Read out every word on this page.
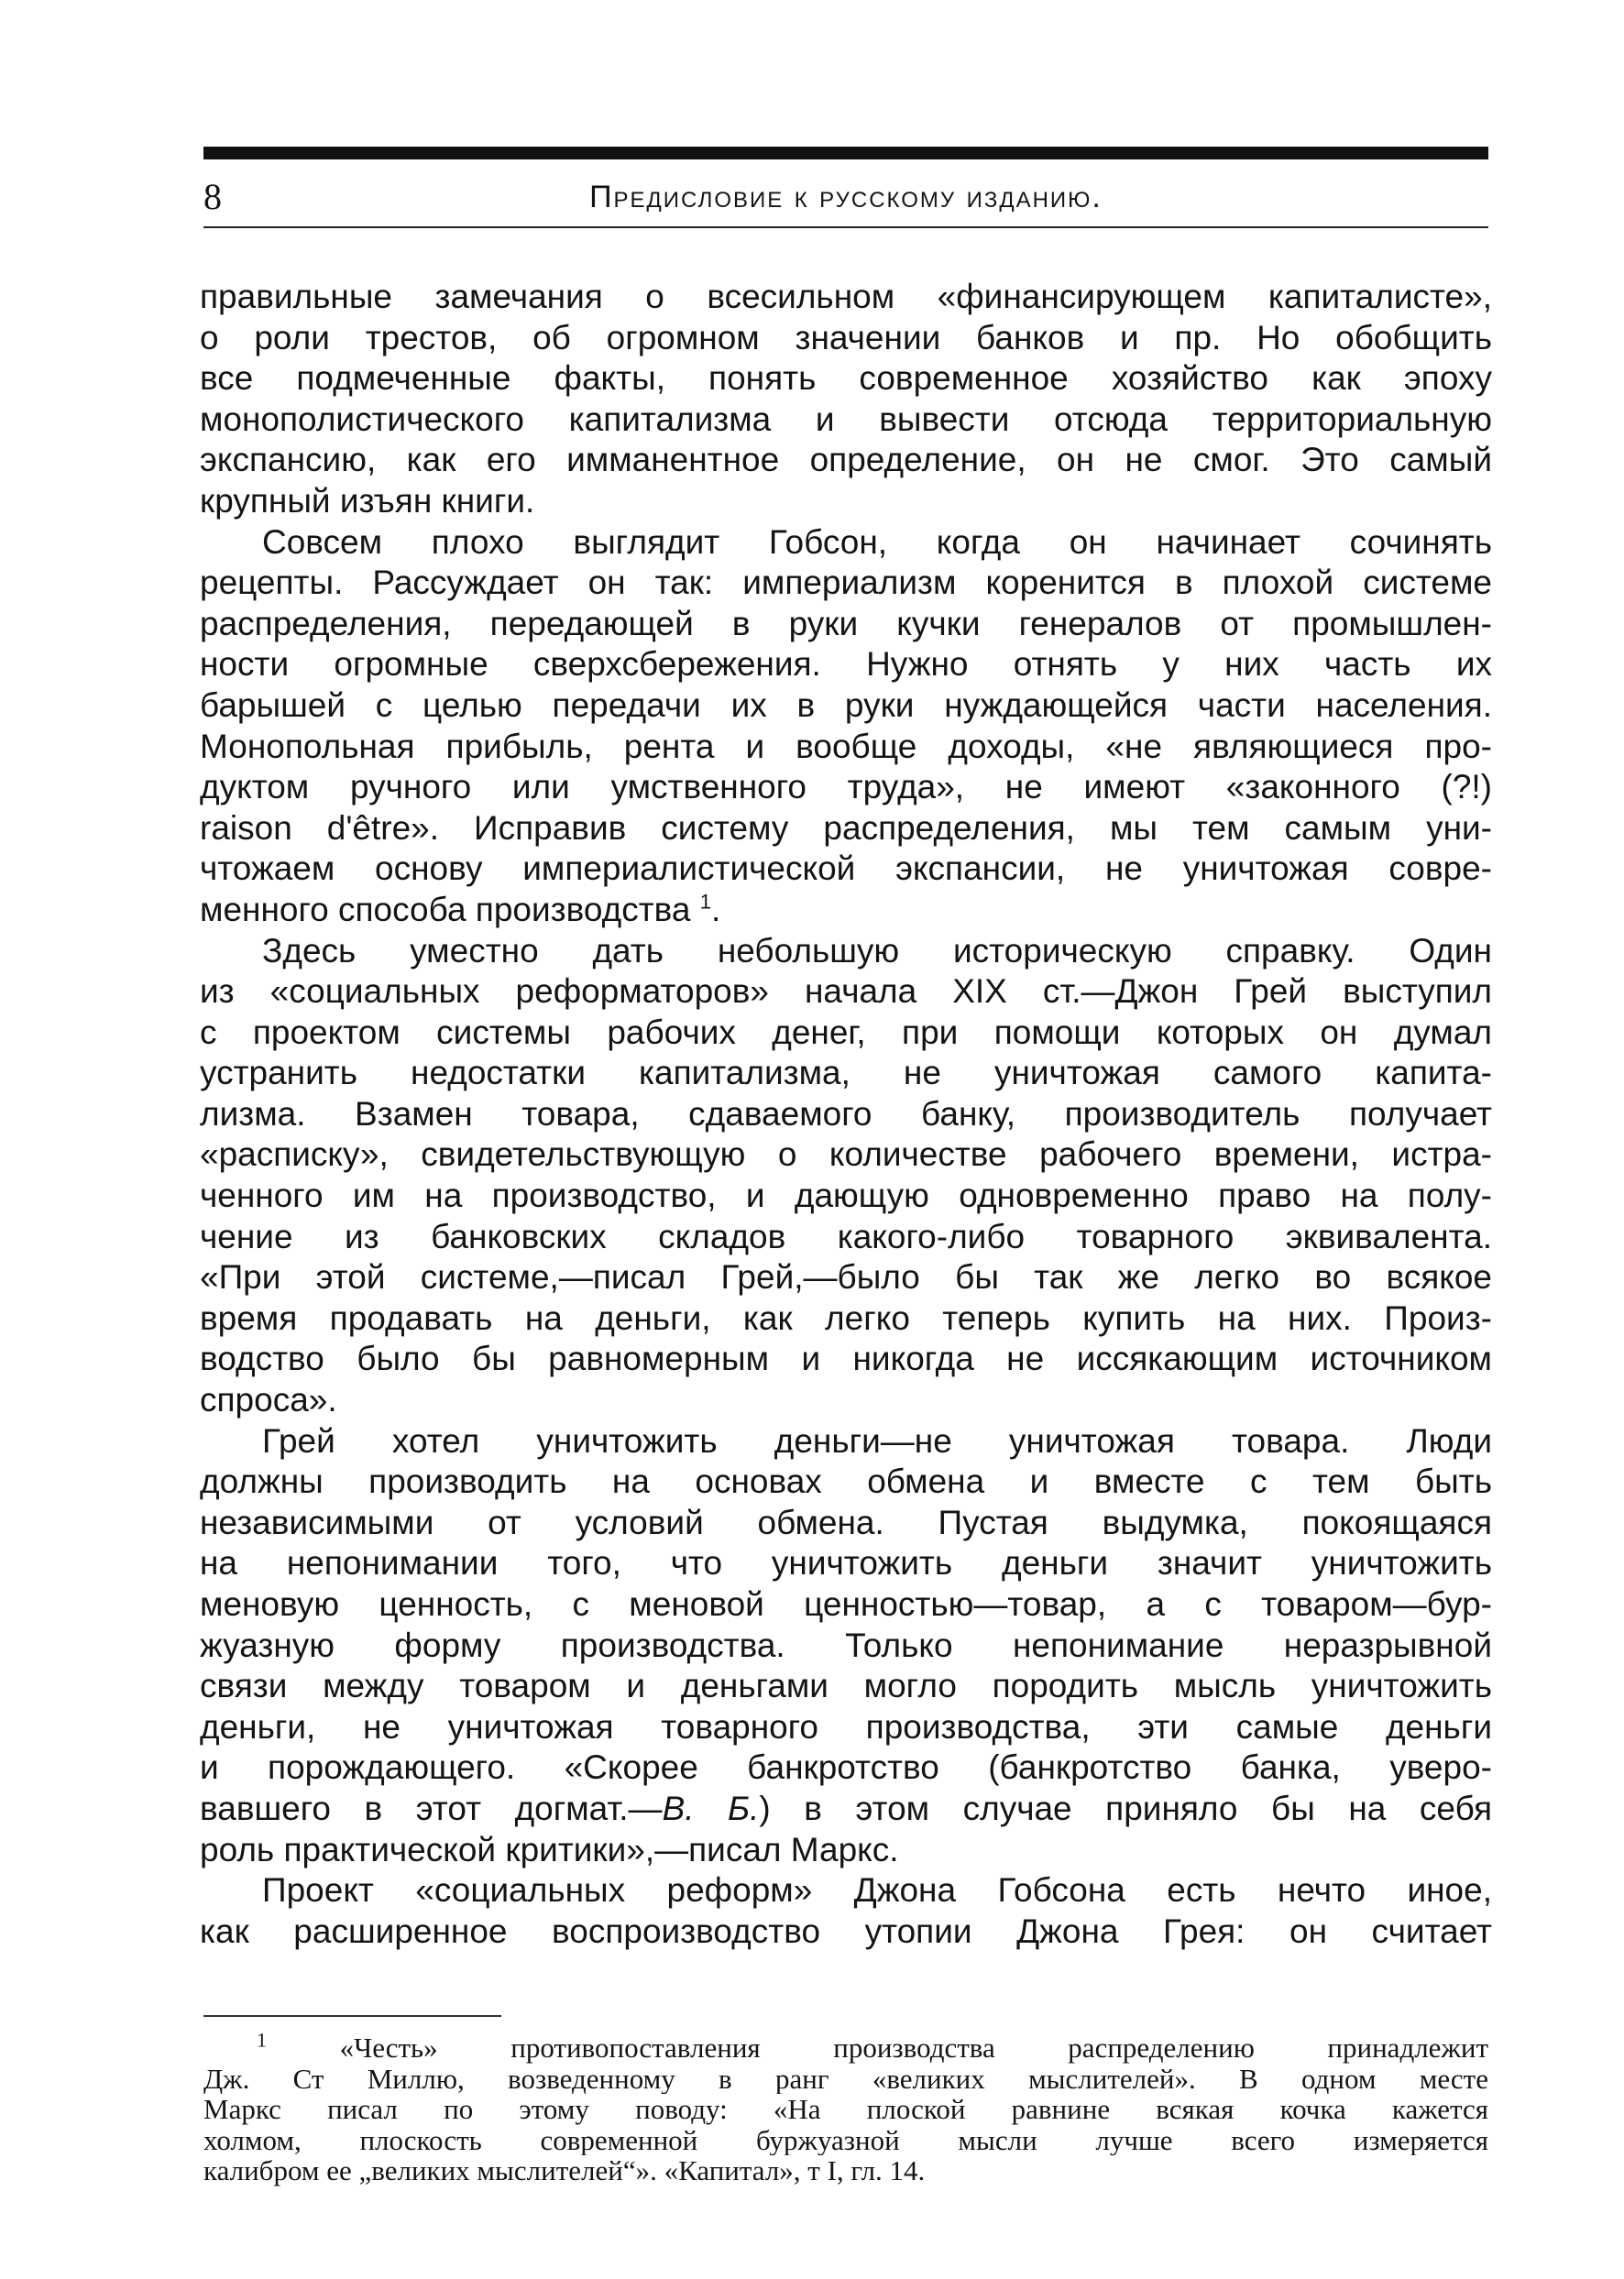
8	Предисловие к русскому изданию.
правильные замечания о всесильном «финансирующем капиталисте»,
о роли трестов, об огромном значении банков и пр. Но обобщить
все подмеченные факты, понять современное хозяйство как эпоху
монополистического капитализма и вывести отсюда территориальную
экспансию, как его имманентное определение, он не смог. Это самый
крупный изъян книги.
Совсем плохо выглядит Гобсон, когда он начинает сочинять
рецепты. Рассуждает он так: империализм коренится в плохой системе
распределения, передающей в руки кучки генералов от промышлен-
ности огромные сверхсбережения. Нужно отнять у них часть их
барышей с целью передачи их в руки нуждающейся части населения.
Монопольная прибыль, рента и вообще доходы, «не являющиеся про-
дуктом ручного или умственного труда», не имеют «законного (?!)
raison d'être». Исправив систему распределения, мы тем самым уни-
чтожаем основу империалистической экспансии, не уничтожая совре-
менного способа производства $^1$.
Здесь уместно дать небольшую историческую справку. Один
из «социальных реформаторов» начала XIX ст.—Джон Грей выступил
с проектом системы рабочих денег, при помощи которых он думал
устранить недостатки капитализма, не уничтожая самого капита-
лизма. Взамен товара, сдаваемого банку, производитель получает
«расписку», свидетельствующую о количестве рабочего времени, истра-
ченного им на производство, и дающую одновременно право на полу-
чение из банковских складов какого-либо товарного эквивалента.
«При этой системе,—писал Грей,—было бы так же легко во всякое
время продавать на деньги, как легко теперь купить на них. Произ-
водство было бы равномерным и никогда не иссякающим источником
спроса».
Грей хотел уничтожить деньги—не уничтожая товара. Люди
должны производить на основах обмена и вместе с тем быть
независимыми от условий обмена. Пустая выдумка, покоящаяся
на непонимании того, что уничтожить деньги значит уничтожить
меновую ценность, с меновой ценностью—товар, а с товаром—бур-
жуазную форму производства. Только непонимание неразрывной
связи между товаром и деньгами могло породить мысль уничтожить
деньги, не уничтожая товарного производства, эти самые деньги
и порождающего. «Скорее банкротство (банкротство банка, уверо-
вавшего в этот догмат.—В. Б.) в этом случае приняло бы на себя
роль практической критики»,—писал Маркс.
Проект «социальных реформ» Джона Гобсона есть нечто иное,
как расширенное воспроизводство утопии Джона Грея: он считает
$^1$	«Честь» противопоставления производства распределению принадлежит
Дж. Ст Миллю, возведенному в ранг «великих мыслителей». В одном месте
Маркс писал по этому поводу: «На плоской равнине всякая кочка кажется
холмом, плоскость современной буржуазной мысли лучше всего измеряется
калибром ее „великих мыслителей“». «Капитал», т I, гл. 14.
